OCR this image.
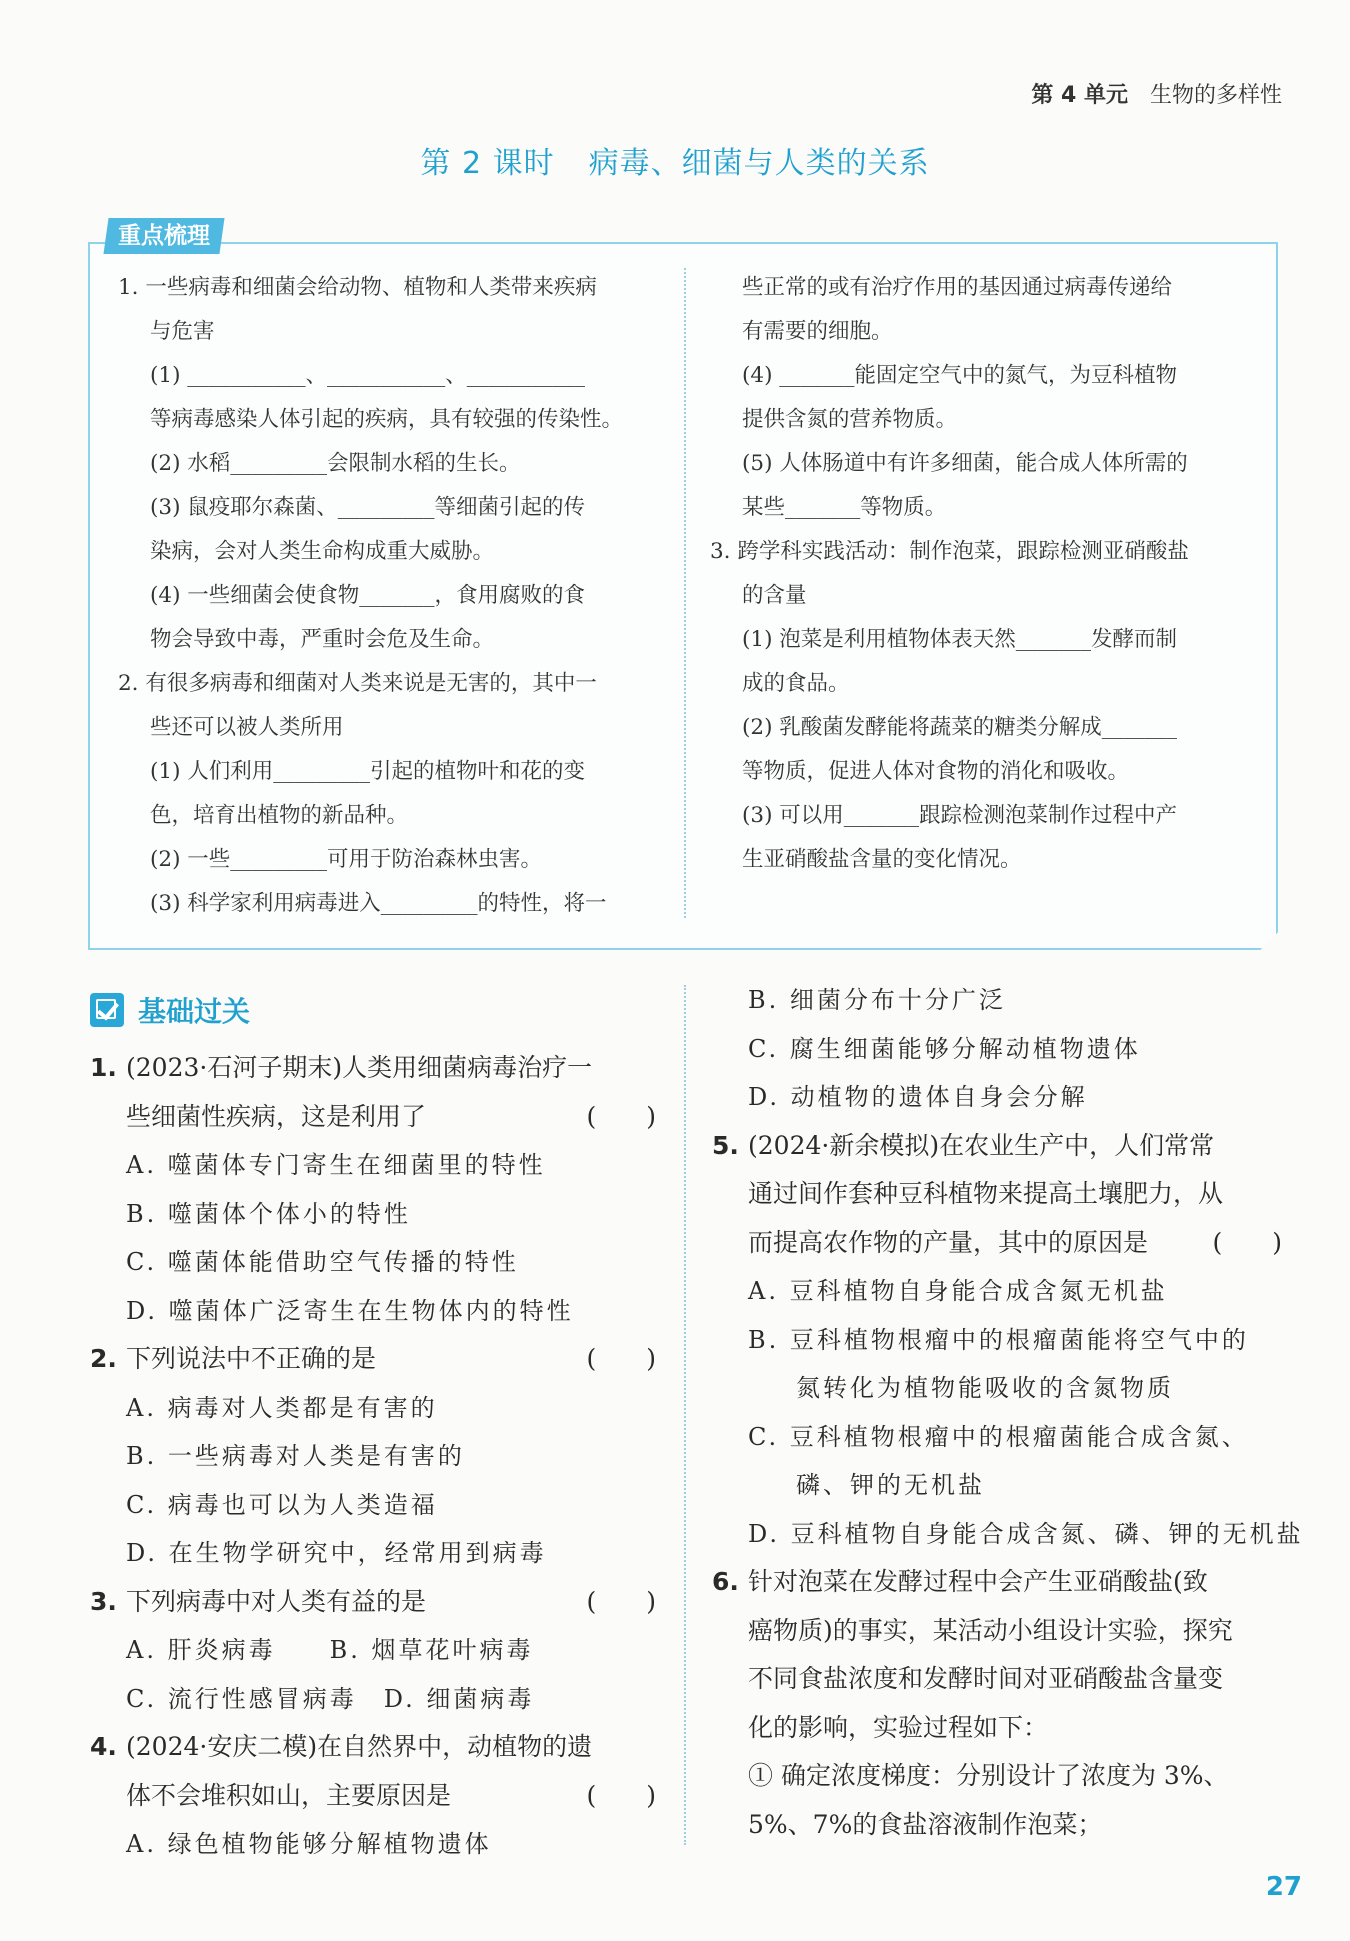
第 4 单元 生物的多样性
第 2 课时 病毒、细菌与人类的关系
重点梳理

1. 一些病毒和细菌会给动物、植物和人类带来疾病

与危害

(1) ___________、___________、___________

等病毒感染人体引起的疾病，具有较强的传染性。

(2) 水稻_________会限制水稻的生长。

(3) 鼠疫耶尔森菌、_________等细菌引起的传

染病，会对人类生命构成重大威胁。

(4) 一些细菌会使食物_______，食用腐败的食

物会导致中毒，严重时会危及生命。

2. 有很多病毒和细菌对人类来说是无害的，其中一

些还可以被人类所用

(1) 人们利用_________引起的植物叶和花的变

色，培育出植物的新品种。

(2) 一些_________可用于防治森林虫害。

(3) 科学家利用病毒进入_________的特性，将一

些正常的或有治疗作用的基因通过病毒传递给

有需要的细胞。

(4) _______能固定空气中的氮气，为豆科植物

提供含氮的营养物质。

(5) 人体肠道中有许多细菌，能合成人体所需的

某些_______等物质。

3. 跨学科实践活动：制作泡菜，跟踪检测亚硝酸盐

的含量

(1) 泡菜是利用植物体表天然_______发酵而制

成的食品。

(2) 乳酸菌发酵能将蔬菜的糖类分解成_______

等物质，促进人体对食物的消化和吸收。

(3) 可以用_______跟踪检测泡菜制作过程中产

生亚硝酸盐含量的变化情况。

基础过关

1. (2023·石河子期末)人类用细菌病毒治疗一

些细菌性疾病，这是利用了	(　　)

A. 噬菌体专门寄生在细菌里的特性

B. 噬菌体个体小的特性

C. 噬菌体能借助空气传播的特性

D. 噬菌体广泛寄生在生物体内的特性

2. 下列说法中不正确的是	(　　)

A. 病毒对人类都是有害的

B. 一些病毒对人类是有害的

C. 病毒也可以为人类造福

D. 在生物学研究中，经常用到病毒

3. 下列病毒中对人类有益的是	(　　)

A. 肝炎病毒　　B. 烟草花叶病毒

C. 流行性感冒病毒　D. 细菌病毒

4. (2024·安庆二模)在自然界中，动植物的遗

体不会堆积如山，主要原因是	(　　)

A. 绿色植物能够分解植物遗体

B. 细菌分布十分广泛

C. 腐生细菌能够分解动植物遗体

D. 动植物的遗体自身会分解

5. (2024·新余模拟)在农业生产中，人们常常

通过间作套种豆科植物来提高土壤肥力，从

而提高农作物的产量，其中的原因是	(　　)

A. 豆科植物自身能合成含氮无机盐

B. 豆科植物根瘤中的根瘤菌能将空气中的

氮转化为植物能吸收的含氮物质

C. 豆科植物根瘤中的根瘤菌能合成含氮、

磷、钾的无机盐

D. 豆科植物自身能合成含氮、磷、钾的无机盐

6. 针对泡菜在发酵过程中会产生亚硝酸盐(致

癌物质)的事实，某活动小组设计实验，探究

不同食盐浓度和发酵时间对亚硝酸盐含量变

化的影响，实验过程如下：

① 确定浓度梯度：分别设计了浓度为 3%、

5%、7%的食盐溶液制作泡菜；

27
